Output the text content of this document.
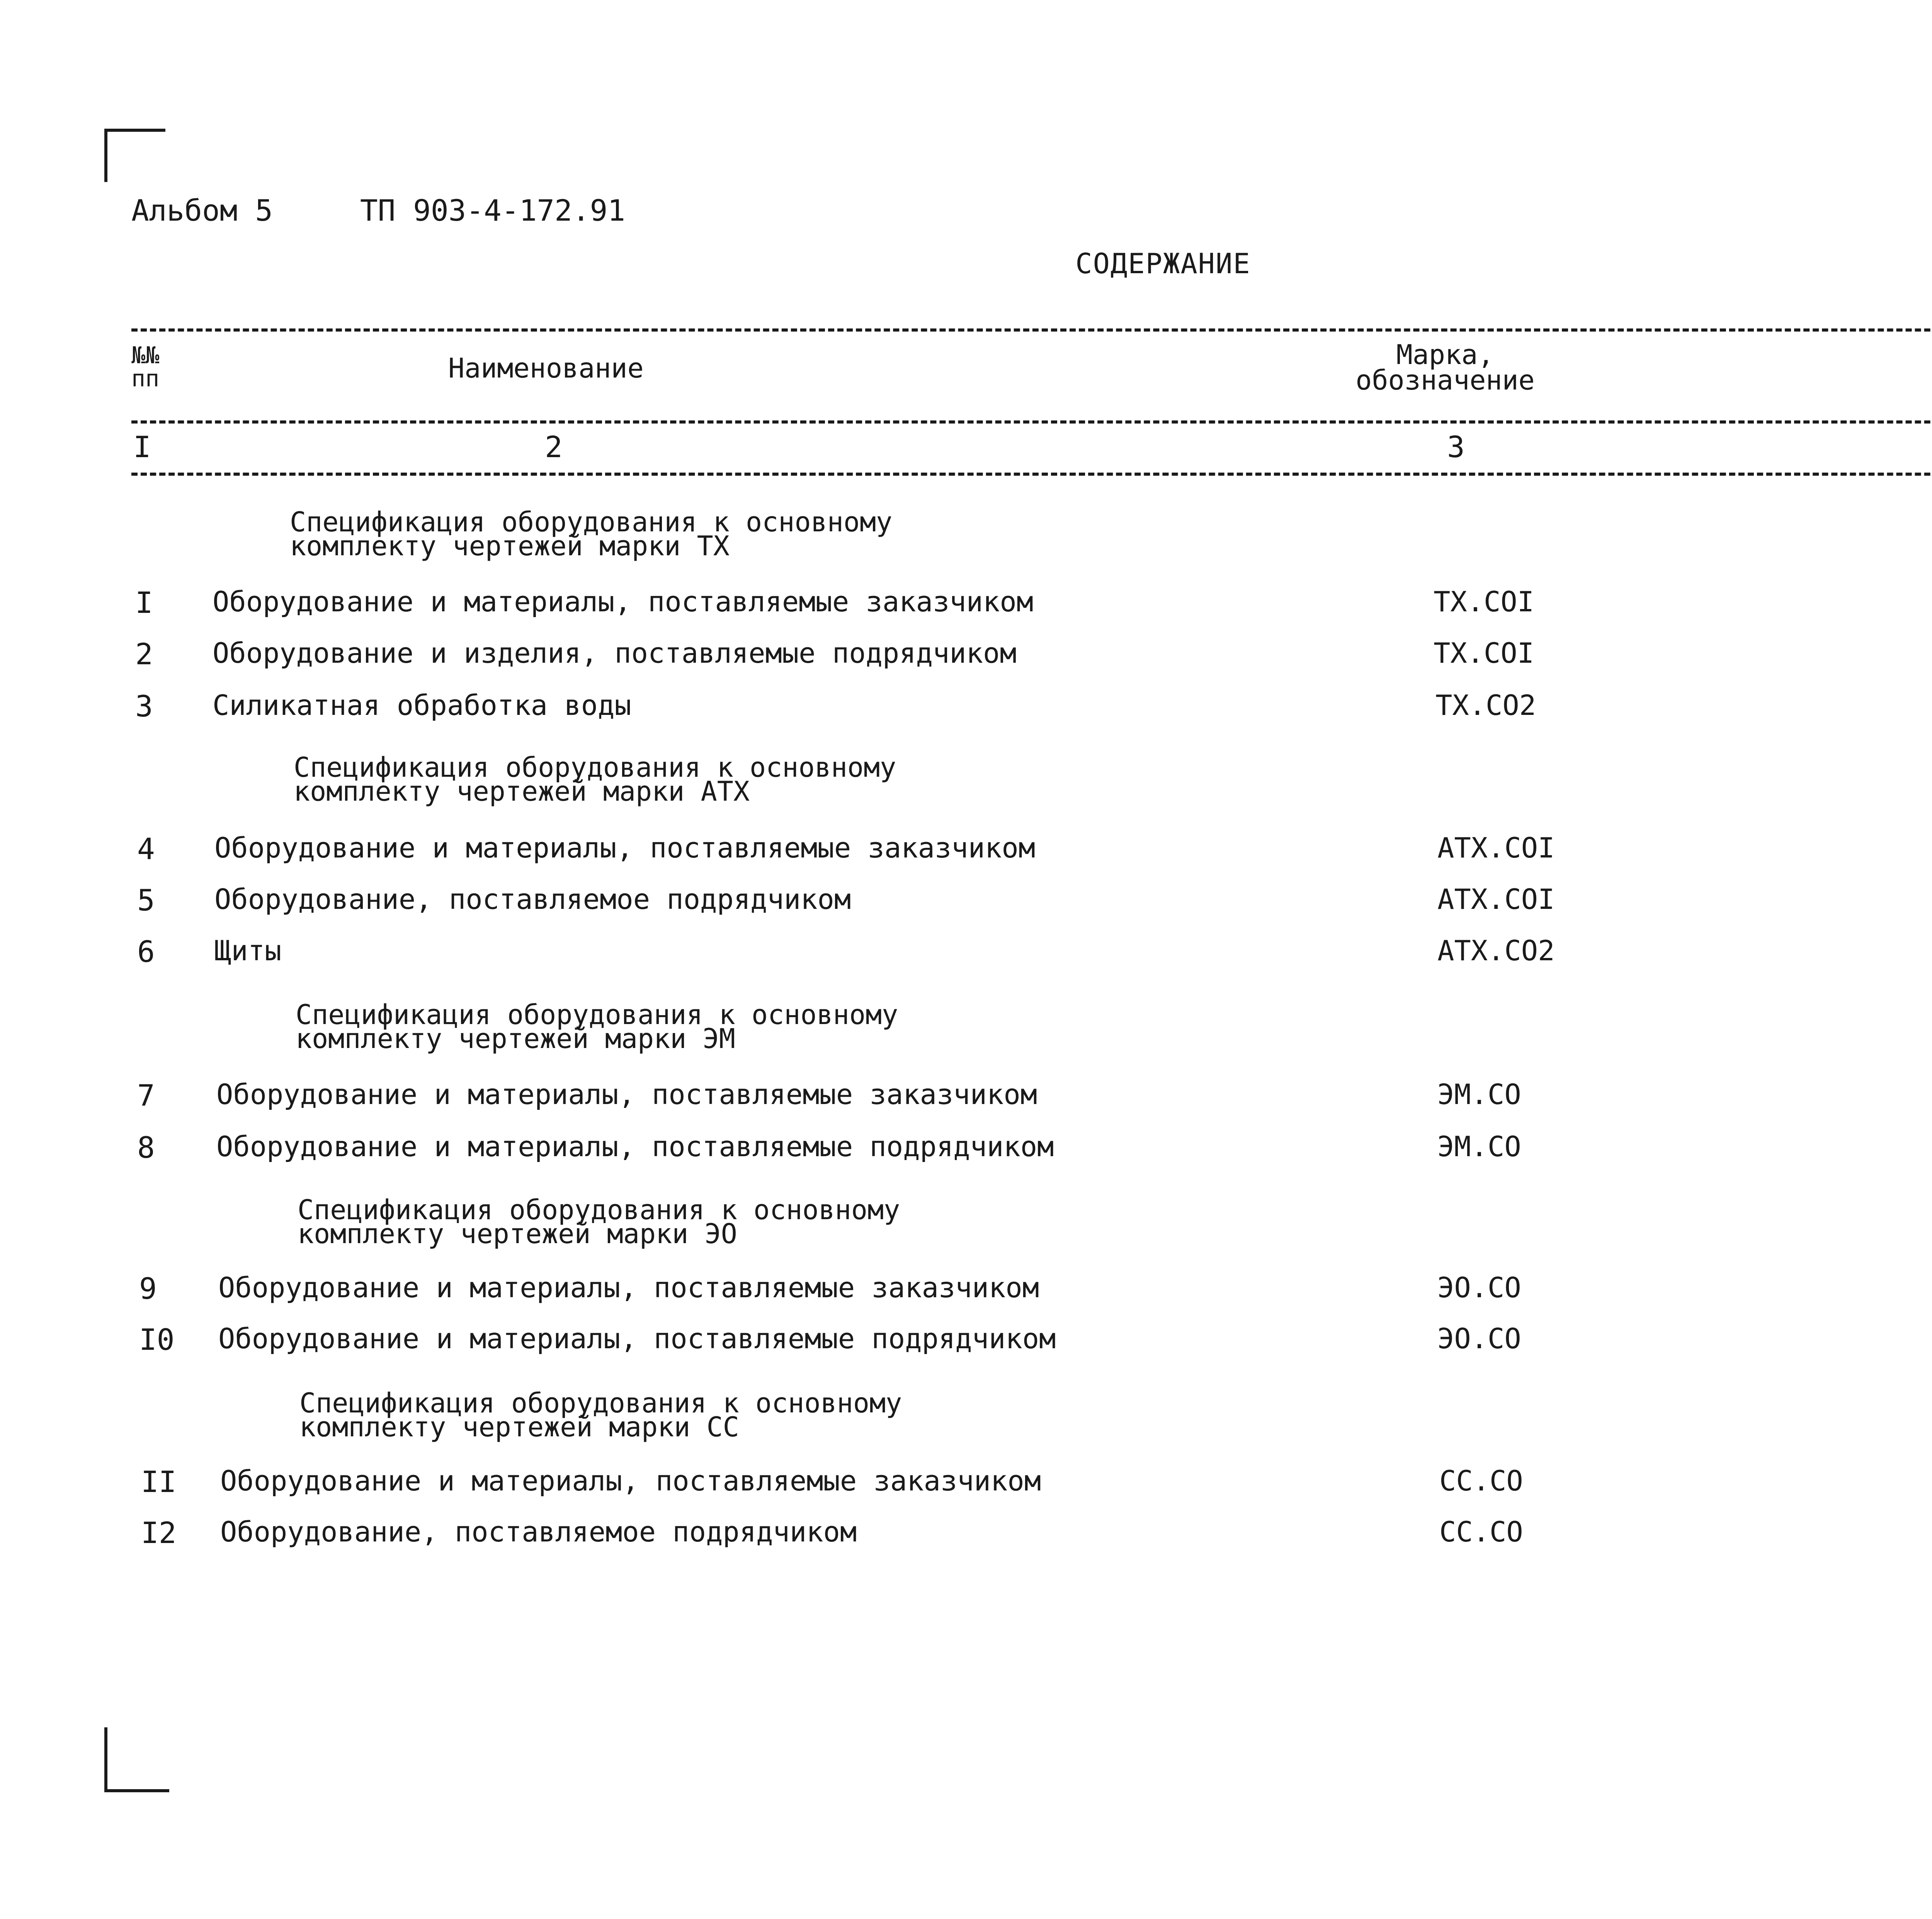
Альбом 5	ТП 903-4-172.91
СОДЕРЖАНИЕ
№№ пп	Наименование	Марка,
обозначение
I	2	3
Спецификация оборудования к основному
комплекту чертежей марки ТХ
I Оборудование и материалы, поставляемые заказчиком	ТХ.СОI
2 Оборудование и изделия, поставляемые подрядчиком	ТХ.СОI
3 Силикатная обработка воды	ТХ.СО2
Спецификация оборудования к основному
комплекту чертежей марки АТХ
4 Оборудование и материалы, поставляемые заказчиком	АТХ.СОI
5 Оборудование, поставляемое подрядчиком	АТХ.СОI
6 Щиты	АТХ.СО2
Спецификация оборудования к основному
комплекту чертежей марки ЭМ
7 Оборудование и материалы, поставляемые заказчиком	ЭМ.СО
8 Оборудование и материалы, поставляемые подрядчиком	ЭМ.СО
Спецификация оборудования к основному
комплекту чертежей марки ЭО
9 Оборудование и материалы, поставляемые заказчиком	ЭО.СО
I0 Оборудование и материалы, поставляемые подрядчиком	ЭО.СО
Спецификация оборудования к основному
комплекту чертежей марки СС
II Оборудование и материалы, поставляемые заказчиком	СС.СО
I2 Оборудование, поставляемое подрядчиком	СС.СО
